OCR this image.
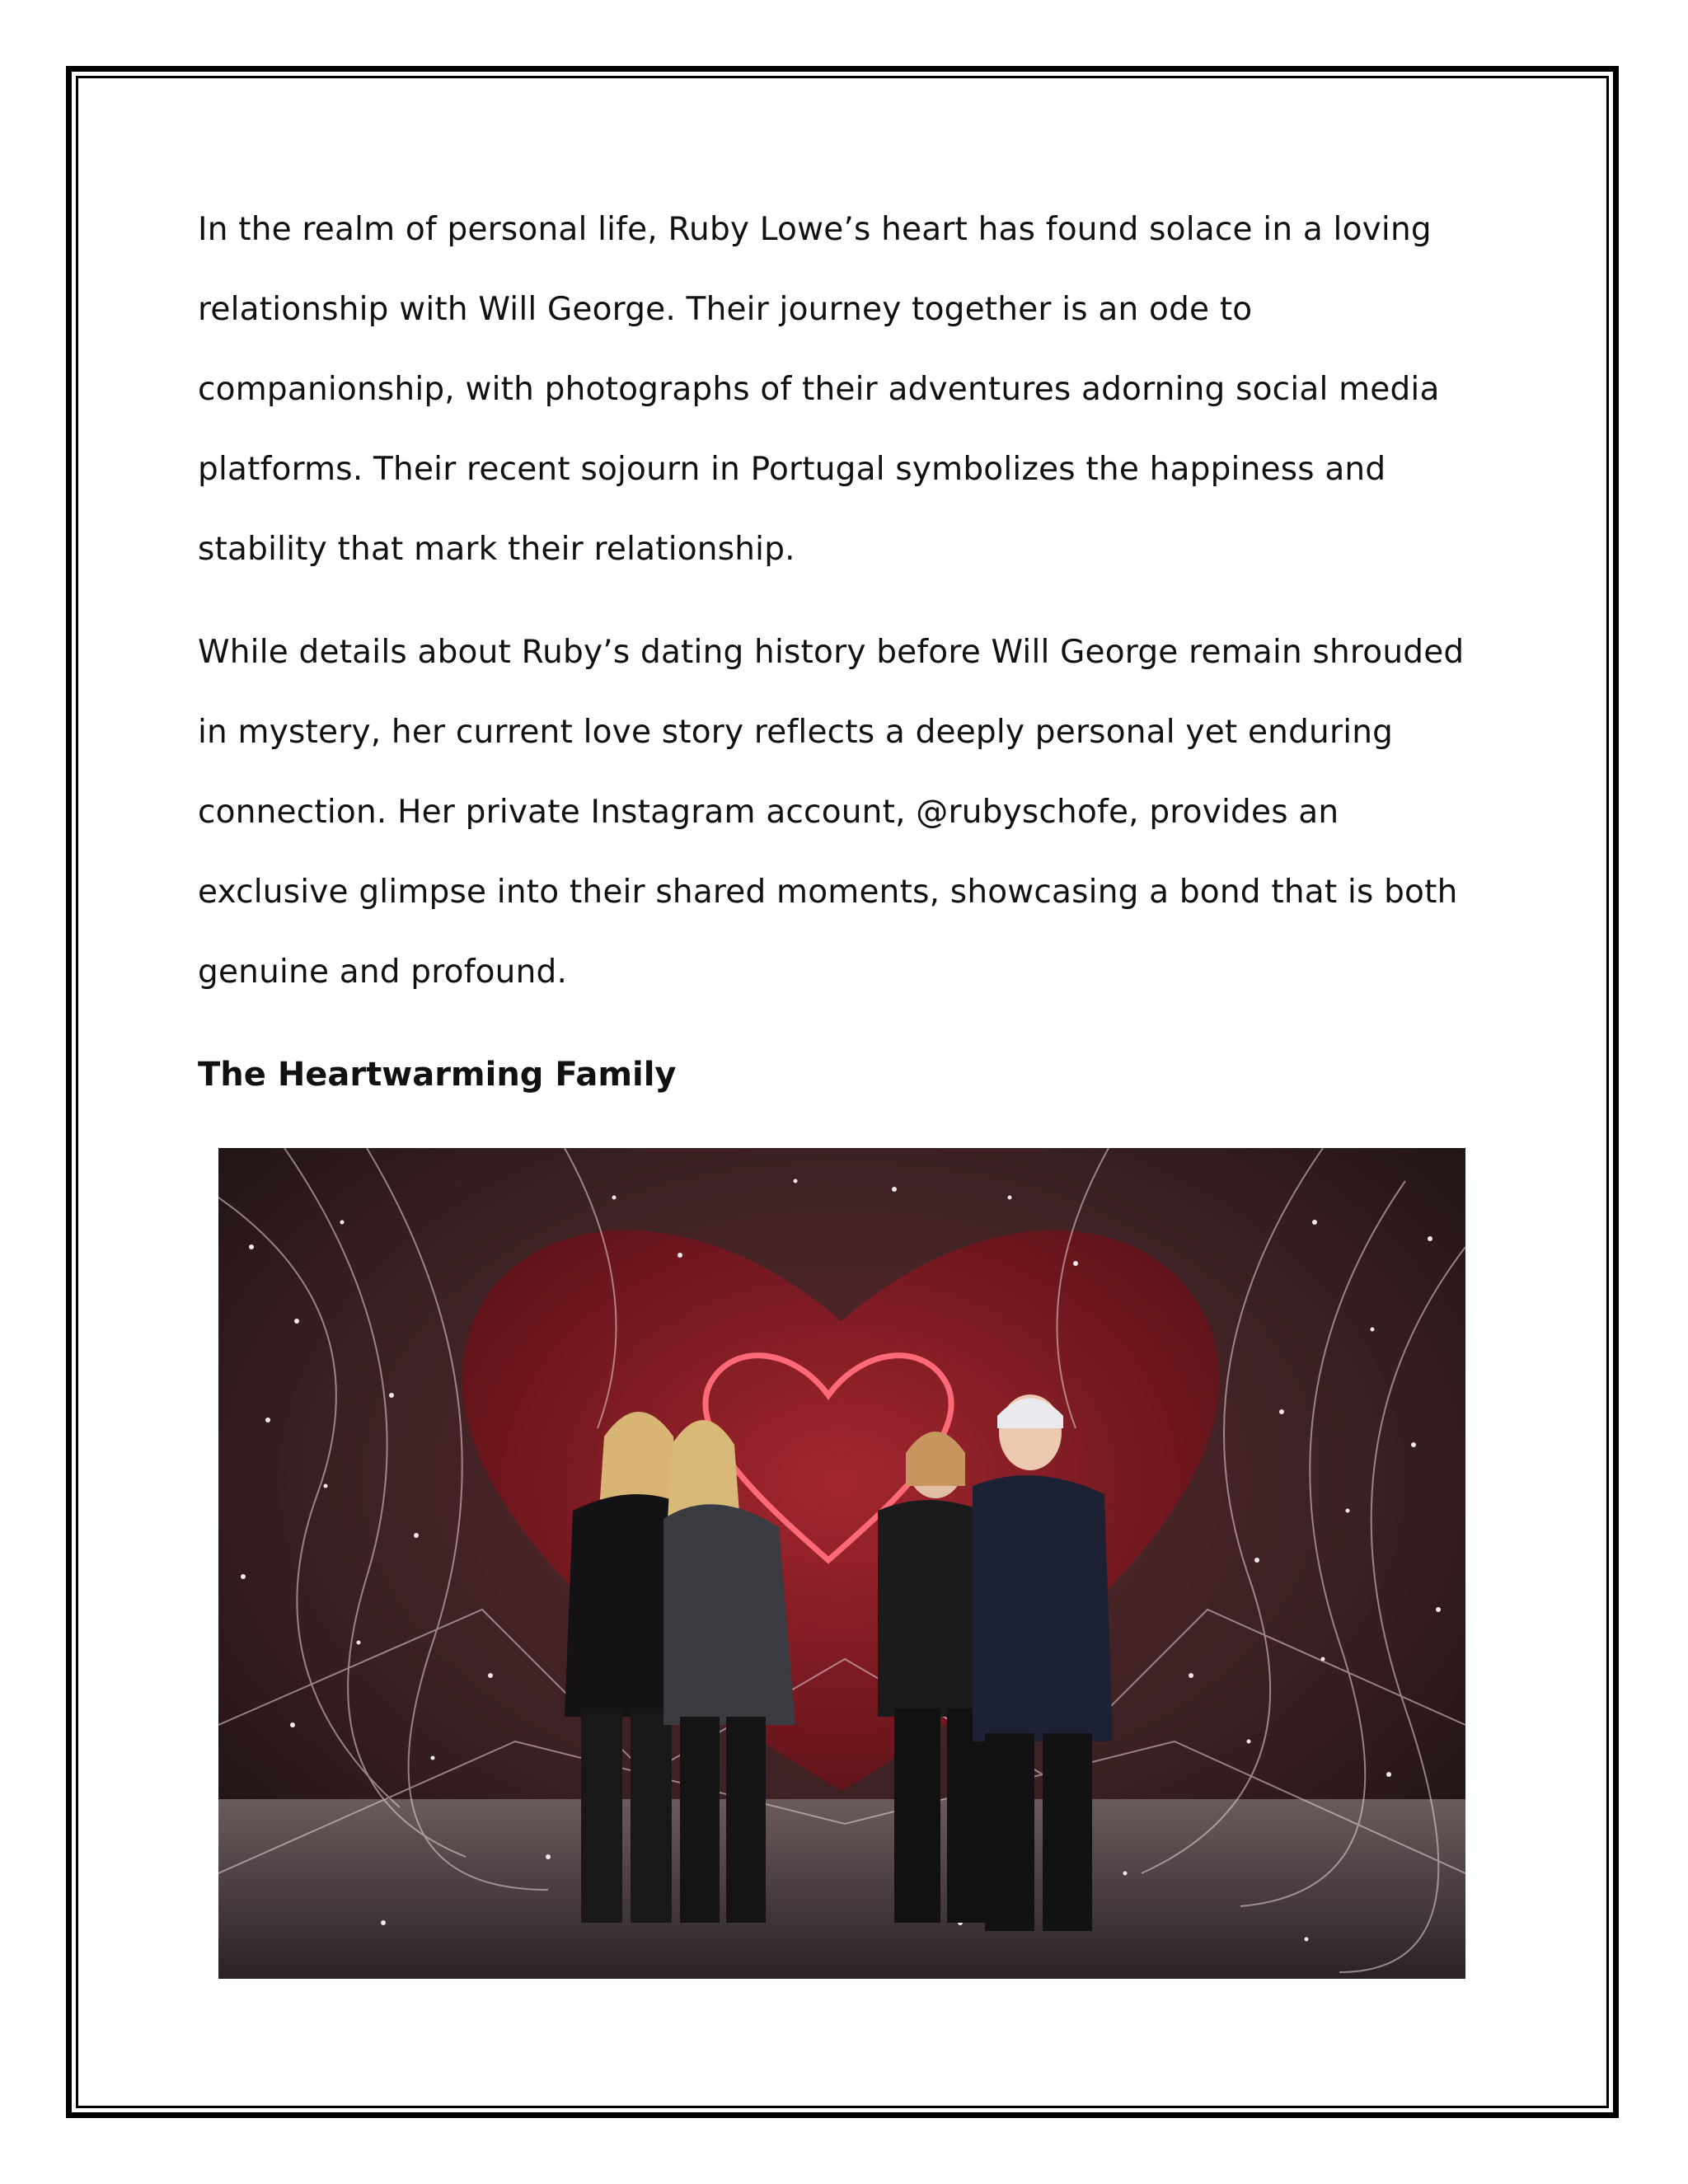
In the realm of personal life, Ruby Lowe’s heart has found solace in a loving relationship with Will George. Their journey together is an ode to companionship, with photographs of their adventures adorning social media platforms. Their recent sojourn in Portugal symbolizes the happiness and stability that mark their relationship.

While details about Ruby’s dating history before Will George remain shrouded in mystery, her current love story reflects a deeply personal yet enduring connection. Her private Instagram account, @rubyschofe, provides an exclusive glimpse into their shared moments, showcasing a bond that is both genuine and profound.

The Heartwarming Family
